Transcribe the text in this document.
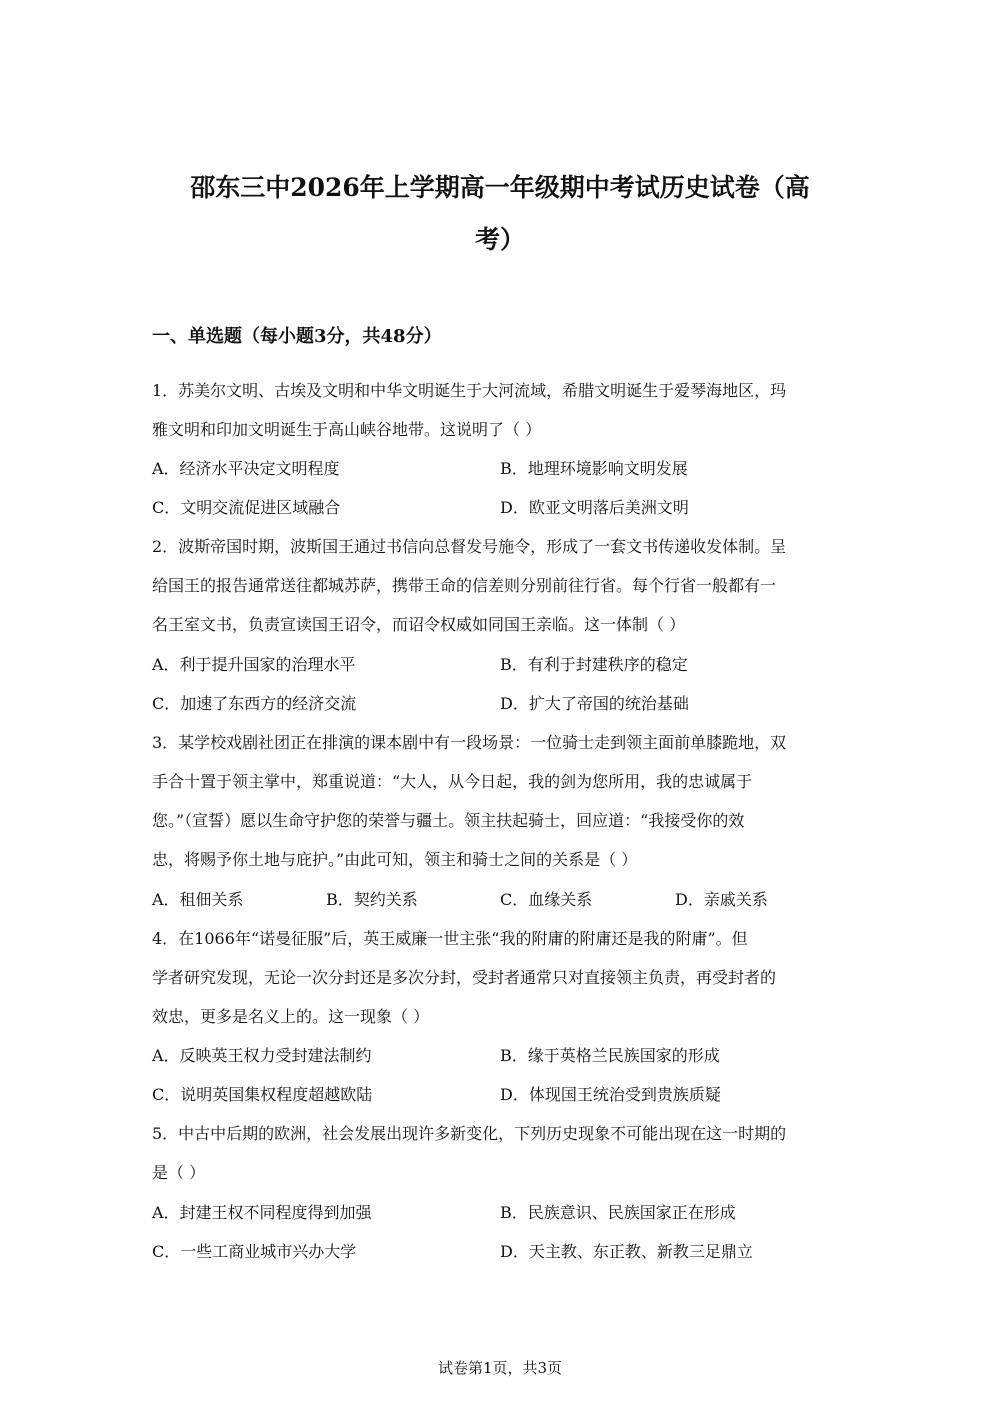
邵东三中2026年上学期高一年级期中考试历史试卷（高
考）
一、单选题（每小题3分，共48分）
1．苏美尔文明、古埃及文明和中华文明诞生于大河流域，希腊文明诞生于爱琴海地区，玛
雅文明和印加文明诞生于高山峡谷地带。这说明了（ ）
A．经济水平决定文明程度	B．地理环境影响文明发展
C．文明交流促进区域融合	D．欧亚文明落后美洲文明
2．波斯帝国时期，波斯国王通过书信向总督发号施令，形成了一套文书传递收发体制。呈
给国王的报告通常送往都城苏萨，携带王命的信差则分别前往行省。每个行省一般都有一
名王室文书，负责宣读国王诏令，而诏令权威如同国王亲临。这一体制（ ）
A．利于提升国家的治理水平	B．有利于封建秩序的稳定
C．加速了东西方的经济交流	D．扩大了帝国的统治基础
3．某学校戏剧社团正在排演的课本剧中有一段场景：一位骑士走到领主面前单膝跪地，双
手合十置于领主掌中，郑重说道：“大人，从今日起，我的剑为您所用，我的忠诚属于
您。”（宣誓）愿以生命守护您的荣誉与疆土。领主扶起骑士，回应道：“我接受你的效
忠，将赐予你土地与庇护。”由此可知，领主和骑士之间的关系是（ ）
A．租佃关系	B．契约关系	C．血缘关系	D．亲戚关系
4．在1066年“诺曼征服”后，英王威廉一世主张“我的附庸的附庸还是我的附庸”。但
学者研究发现，无论一次分封还是多次分封，受封者通常只对直接领主负责，再受封者的
效忠，更多是名义上的。这一现象（ ）
A．反映英王权力受封建法制约	B．缘于英格兰民族国家的形成
C．说明英国集权程度超越欧陆	D．体现国王统治受到贵族质疑
5．中古中后期的欧洲，社会发展出现许多新变化，下列历史现象不可能出现在这一时期的
是（ ）
A．封建王权不同程度得到加强	B．民族意识、民族国家正在形成
C．一些工商业城市兴办大学	D．天主教、东正教、新教三足鼎立
试卷第1页，共3页
